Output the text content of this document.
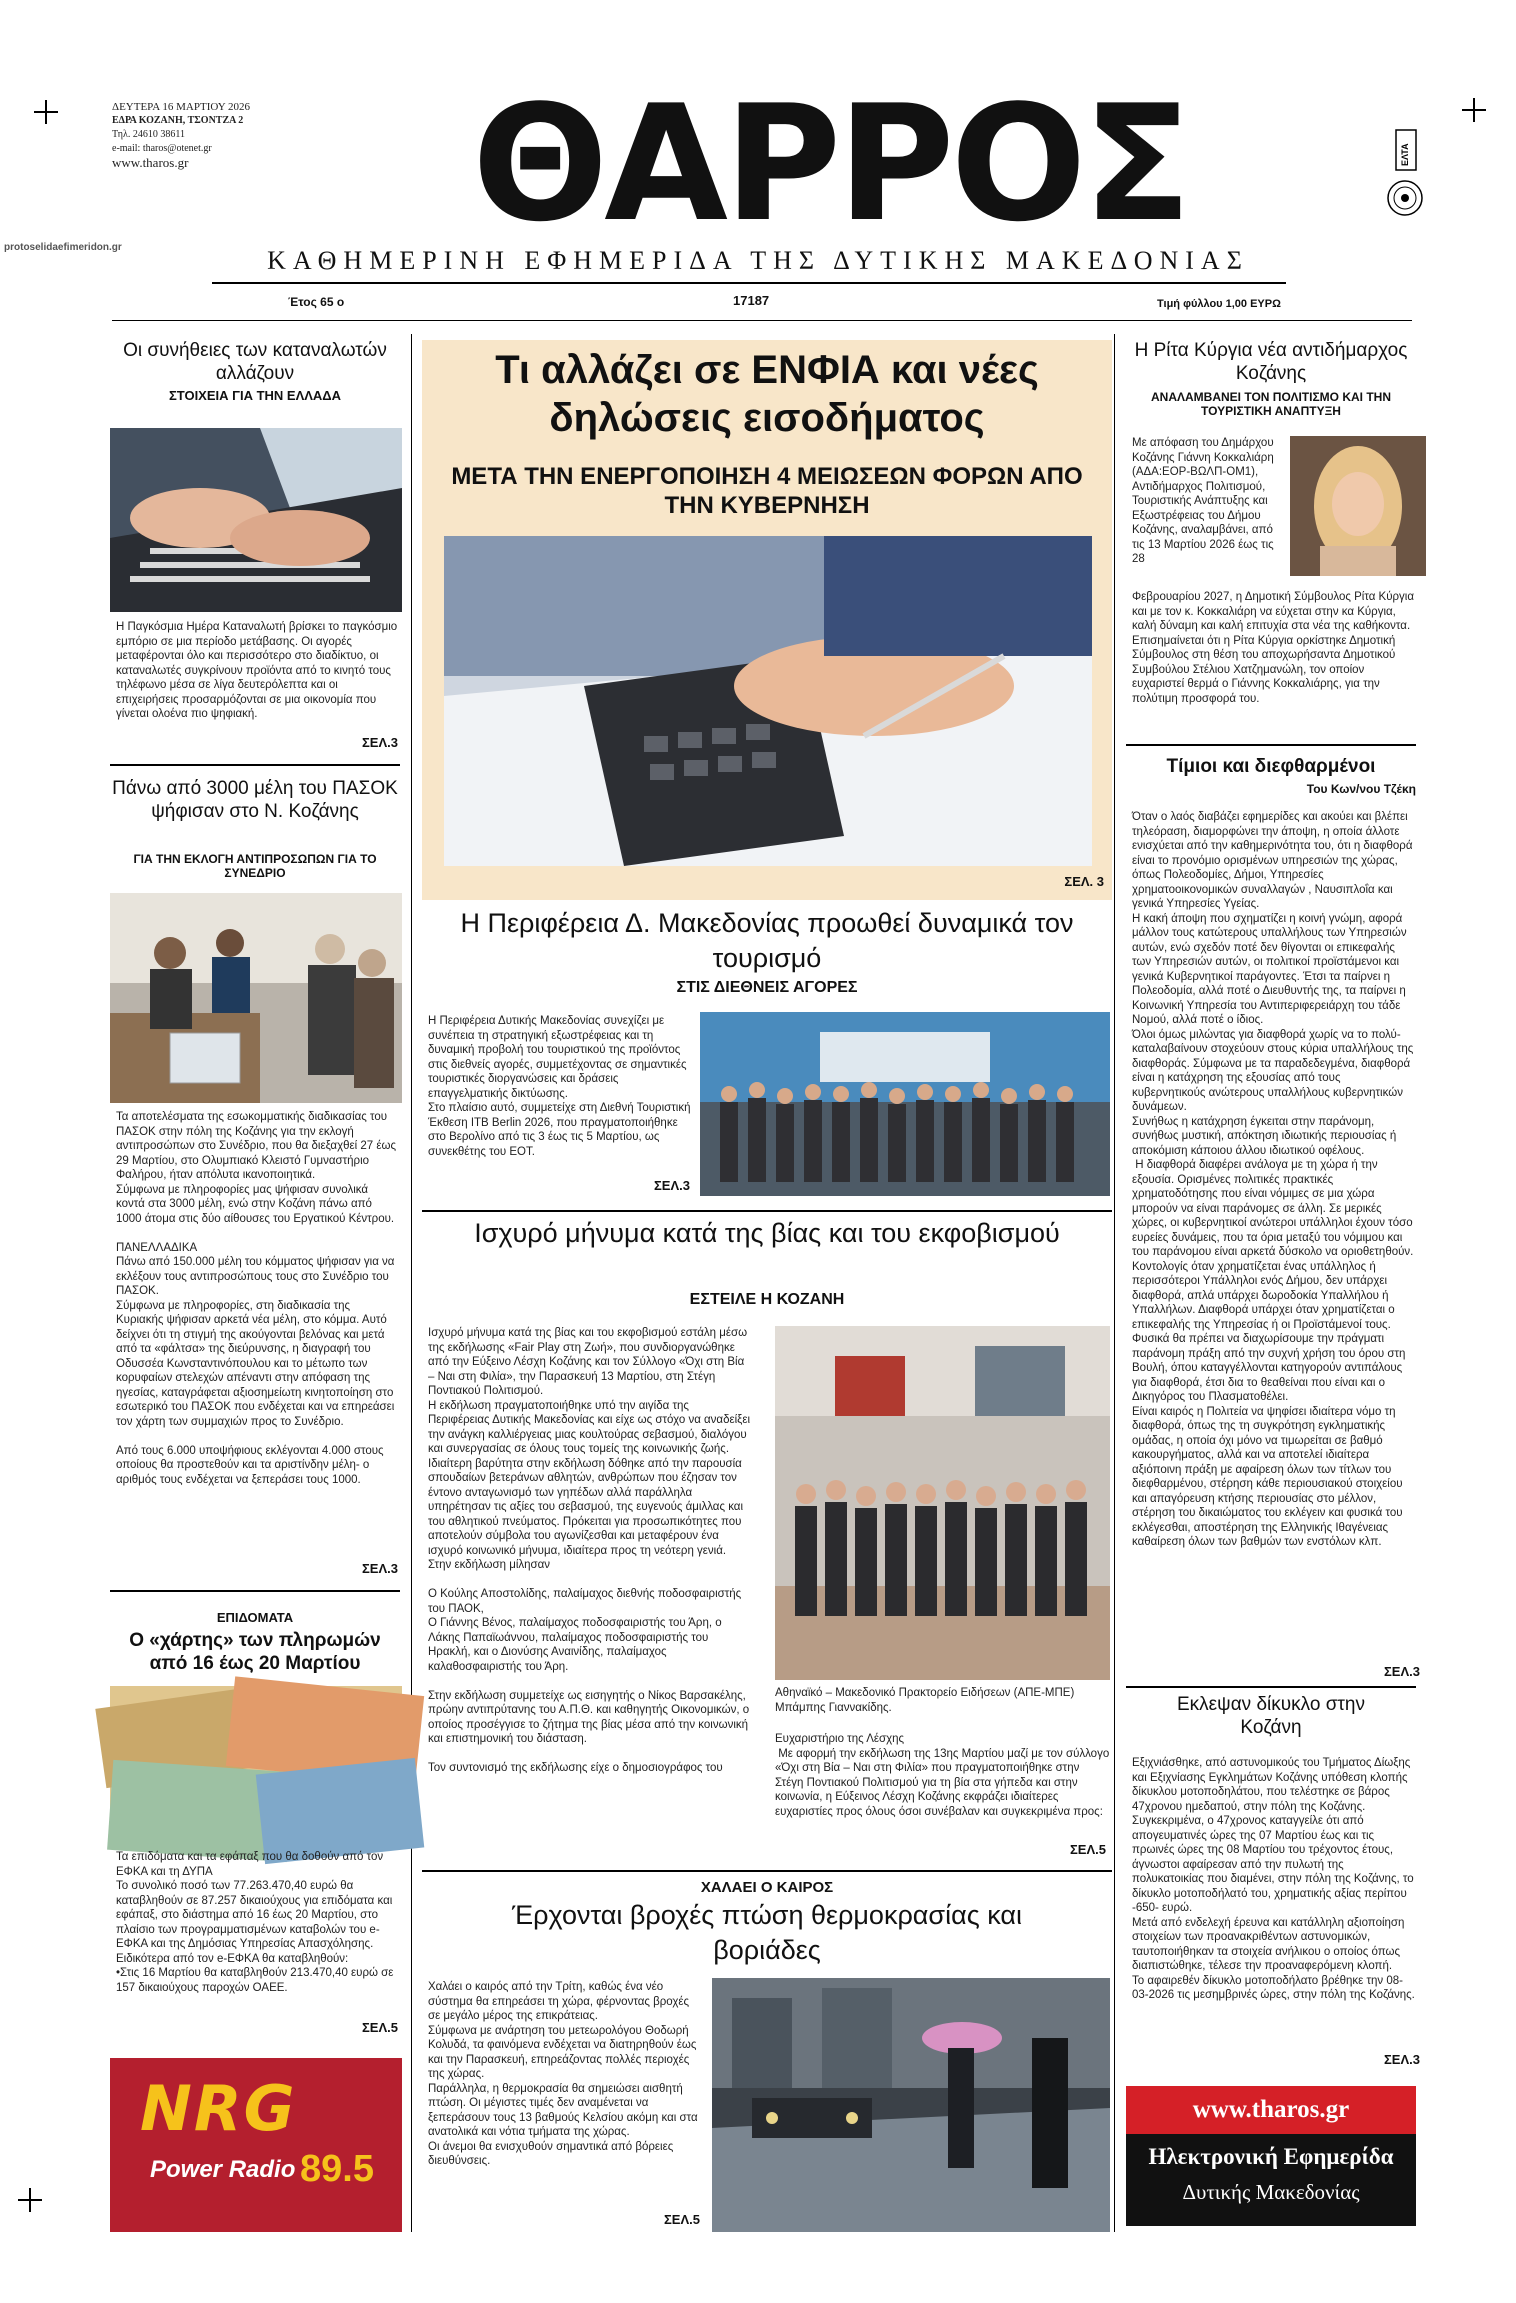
ΔΕΥΤΕΡΑ 16 ΜΑΡΤΙΟΥ 2026
ΕΔΡΑ ΚΟΖΑΝΗ, ΤΣΟΝΤΖΑ 2
Τηλ. 24610 38611
e-mail: tharos@otenet.gr
www.tharos.gr	ΘΑΡΡΟΣ	ΕΛΤΑ
ΚΑΘΗΜΕΡΙΝΗ ΕΦΗΜΕΡΙΔΑ ΤΗΣ ΔΥΤΙΚΗΣ ΜΑΚΕΔΟΝΙΑΣ
protoselidaefimeridon.gr
Έτος 65 ο	17187	Τιμή φύλλου 1,00 ΕΥΡΩ
Οι συνήθειες των καταναλωτών αλλάζουν
ΣΤΟΙΧΕΙΑ ΓΙΑ ΤΗΝ ΕΛΛΑΔΑ
Η Παγκόσμια Ημέρα Καταναλωτή βρίσκει το παγκόσμιο εμπόριο σε μια περίοδο μετάβασης. Οι αγορές μεταφέρονται όλο και περισσότερο στο διαδίκτυο, οι καταναλωτές συγκρίνουν προϊόντα από το κινητό τους τηλέφωνο μέσα σε λίγα δευτερόλεπτα και οι επιχειρήσεις προσαρμόζονται σε μια οικονομία που γίνεται ολοένα πιο ψηφιακή.
ΣΕΛ.3
Πάνω από 3000 μέλη του ΠΑΣΟΚ ψήφισαν στο Ν. Κοζάνης
ΓΙΑ ΤΗΝ ΕΚΛΟΓΗ ΑΝΤΙΠΡΟΣΩΠΩΝ ΓΙΑ ΤΟ ΣΥΝΕΔΡΙΟ
Τα αποτελέσματα της εσωκομματικής διαδικασίας του ΠΑΣΟΚ στην πόλη της Κοζάνης για την εκλογή αντιπροσώπων στο Συνέδριο, που θα διεξαχθεί 27 έως 29 Μαρτίου, στο Ολυμπιακό Κλειστό Γυμναστήριο Φαλήρου, ήταν απόλυτα ικανοποιητικά.
Σύμφωνα με πληροφορίες μας ψήφισαν συνολικά κοντά στα 3000 μέλη, ενώ στην Κοζάνη πάνω από 1000 άτομα στις δύο αίθουσες του Εργατικού Κέντρου.

ΠΑΝΕΛΛΑΔΙΚΑ
Πάνω από 150.000 μέλη του κόμματος ψήφισαν για να εκλέξουν τους αντιπροσώπους τους στο Συνέδριο του ΠΑΣΟΚ.
Σύμφωνα με πληροφορίες, στη διαδικασία της Κυριακής ψήφισαν αρκετά νέα μέλη, στο κόμμα. Αυτό δείχνει ότι τη στιγμή της ακούγονται βελόνας και μετά από τα «φάλτσα» της διεύρυνσης, η διαγραφή του Οδυσσέα Κωνσταντινόπουλου και το μέτωπο των κορυφαίων στελεχών απέναντι στην απόφαση της ηγεσίας, καταγράφεται αξιοσημείωτη κινητοποίηση στο εσωτερικό του ΠΑΣΟΚ που ενδέχεται και να επηρεάσει τον χάρτη των συμμαχιών προς το Συνέδριο.

Από τους 6.000 υποψήφιους εκλέγονται 4.000 στους οποίους θα προστεθούν και τα αριστίνδην μέλη- ο αριθμός τους ενδέχεται να ξεπεράσει τους 1000.
ΣΕΛ.3
ΕΠΙΔΟΜΑΤΑ
Ο «χάρτης» των πληρωμών από 16 έως 20 Μαρτίου
Τα επιδόματα και τα εφάπαξ που θα δοθούν από τον ΕΦΚΑ και τη ΔΥΠΑ
Το συνολικό ποσό των 77.263.470,40 ευρώ θα καταβληθούν σε 87.257 δικαιούχους για επιδόματα και εφάπαξ, στο διάστημα από 16 έως 20 Μαρτίου, στο πλαίσιο των προγραμματισμένων καταβολών του e-ΕΦΚΑ και της Δημόσιας Υπηρεσίας Απασχόλησης.
Ειδικότερα από τον e-ΕΦΚΑ θα καταβληθούν:
•Στις 16 Μαρτίου θα καταβληθούν 213.470,40 ευρώ σε 157 δικαιούχους παροχών ΟΑΕΕ.
ΣΕΛ.5
NRG
Power Radio 89.5
Τι αλλάζει σε ΕΝΦΙΑ και νέες δηλώσεις εισοδήματος
ΜΕΤΑ ΤΗΝ ΕΝΕΡΓΟΠΟΙΗΣΗ 4 ΜΕΙΩΣΕΩΝ ΦΟΡΩΝ ΑΠΟ ΤΗΝ ΚΥΒΕΡΝΗΣΗ
ΣΕΛ. 3
Η Περιφέρεια Δ. Μακεδονίας προωθεί δυναμικά τον τουρισμό
ΣΤΙΣ ΔΙΕΘΝΕΙΣ ΑΓΟΡΕΣ
Η Περιφέρεια Δυτικής Μακεδονίας συνεχίζει με συνέπεια τη στρατηγική εξωστρέφειας και τη δυναμική προβολή του τουριστικού της προϊόντος στις διεθνείς αγορές, συμμετέχοντας σε σημαντικές τουριστικές διοργανώσεις και δράσεις επαγγελματικής δικτύωσης.
Στο πλαίσιο αυτό, συμμετείχε στη Διεθνή Τουριστική Έκθεση ITB Berlin 2026, που πραγματοποιήθηκε στο Βερολίνο από τις 3 έως τις 5 Μαρτίου, ως συνεκθέτης του ΕΟΤ.
ΣΕΛ.3
Ισχυρό μήνυμα κατά της βίας και του εκφοβισμού
ΕΣΤΕΙΛΕ Η ΚΟΖΑΝΗ
Ισχυρό μήνυμα κατά της βίας και του εκφοβισμού εστάλη μέσω της εκδήλωσης «Fair Play στη Ζωή», που συνδιοργανώθηκε από την Εύξεινο Λέσχη Κοζάνης και τον Σύλλογο «Όχι στη Βία – Ναι στη Φιλία», την Παρασκευή 13 Μαρτίου, στη Στέγη Ποντιακού Πολιτισμού.
Η εκδήλωση πραγματοποιήθηκε υπό την αιγίδα της Περιφέρειας Δυτικής Μακεδονίας και είχε ως στόχο να αναδείξει την ανάγκη καλλιέργειας μιας κουλτούρας σεβασμού, διαλόγου και συνεργασίας σε όλους τους τομείς της κοινωνικής ζωής.
Ιδιαίτερη βαρύτητα στην εκδήλωση δόθηκε από την παρουσία σπουδαίων βετεράνων αθλητών, ανθρώπων που έζησαν τον έντονο ανταγωνισμό των γηπέδων αλλά παράλληλα υπηρέτησαν τις αξίες του σεβασμού, της ευγενούς άμιλλας και του αθλητικού πνεύματος. Πρόκειται για προσωπικότητες που αποτελούν σύμβολα του αγωνίζεσθαι και μεταφέρουν ένα ισχυρό κοινωνικό μήνυμα, ιδιαίτερα προς τη νεότερη γενιά.
Στην εκδήλωση μίλησαν

Ο Κούλης Αποστολίδης, παλαίμαχος διεθνής ποδοσφαιριστής του ΠΑΟΚ,
Ο Γιάννης Βένος, παλαίμαχος ποδοσφαιριστής του Άρη, ο Λάκης Παπαϊωάννου, παλαίμαχος ποδοσφαιριστής του Ηρακλή, και ο Διονύσης Αναινίδης, παλαίμαχος καλαθοσφαιριστής του Άρη.

Στην εκδήλωση συμμετείχε ως εισηγητής ο Νίκος Βαρσακέλης, πρώην αντιπρύτανης του Α.Π.Θ. και καθηγητής Οικονομικών, ο οποίος προσέγγισε το ζήτημα της βίας μέσα από την κοινωνική και επιστημονική του διάσταση.

Τον συντονισμό της εκδήλωσης είχε ο δημοσιογράφος του
Αθηναϊκό – Μακεδονικό Πρακτορείο Ειδήσεων (ΑΠΕ-ΜΠΕ) Μπάμπης Γιαννακίδης.
Ευχαριστήριο της Λέσχης
Με αφορμή την εκδήλωση της 13ης Μαρτίου μαζί με τον σύλλογο «Όχι στη Βία – Ναι στη Φιλία» που πραγματοποιήθηκε στην Στέγη Ποντιακού Πολιτισμού για τη βία στα γήπεδα και στην κοινωνία, η Εύξεινος Λέσχη Κοζάνης εκφράζει ιδιαίτερες ευχαριστίες προς όλους όσοι συνέβαλαν και συγκεκριμένα προς:
ΣΕΛ.5
ΧΑΛΑΕΙ Ο ΚΑΙΡΟΣ
Έρχονται βροχές πτώση θερμοκρασίας και βοριάδες
Χαλάει ο καιρός από την Τρίτη, καθώς ένα νέο σύστημα θα επηρεάσει τη χώρα, φέρνοντας βροχές σε μεγάλο μέρος της επικράτειας.
Σύμφωνα με ανάρτηση του μετεωρολόγου Θοδωρή Κολυδά, τα φαινόμενα ενδέχεται να διατηρηθούν έως και την Παρασκευή, επηρεάζοντας πολλές περιοχές της χώρας.
Παράλληλα, η θερμοκρασία θα σημειώσει αισθητή πτώση. Οι μέγιστες τιμές δεν αναμένεται να ξεπεράσουν τους 13 βαθμούς Κελσίου ακόμη και στα ανατολικά και νότια τμήματα της χώρας.
Οι άνεμοι θα ενισχυθούν σημαντικά από βόρειες διευθύνσεις.
ΣΕΛ.5
Η Ρίτα Κύργια νέα αντιδήμαρχος Κοζάνης
ΑΝΑΛΑΜΒΑΝΕΙ ΤΟΝ ΠΟΛΙΤΙΣΜΟ ΚΑΙ ΤΗΝ ΤΟΥΡΙΣΤΙΚΗ ΑΝΑΠΤΥΞΗ
Με απόφαση του Δημάρχου Κοζάνης Γιάννη Κοκκαλιάρη (ΑΔΑ:ΕΟΡ-ΒΩΛΠ-ΟΜ1), Αντιδήμαρχος Πολιτισμού, Τουριστικής Ανάπτυξης και Εξωστρέφειας του Δήμου Κοζάνης, αναλαμβάνει, από τις 13 Μαρτίου 2026 έως τις 28
Φεβρουαρίου 2027, η Δημοτική Σύμβουλος Ρίτα Κύργια και με τον κ. Κοκκαλιάρη να εύχεται στην κα Κύργια, καλή δύναμη και καλή επιτυχία στα νέα της καθήκοντα. Επισημαίνεται ότι η Ρίτα Κύργια ορκίστηκε Δημοτική Σύμβουλος στη θέση του αποχωρήσαντα Δημοτικού Συμβούλου Στέλιου Χατζημανώλη, τον οποίον ευχαριστεί θερμά ο Γιάννης Κοκκαλιάρης, για την πολύτιμη προσφορά του.
Τίμιοι και διεφθαρμένοι
Του Κων/νου Τζέκη
Όταν ο λαός διαβάζει εφημερίδες και ακούει και βλέπει τηλεόραση, διαμορφώνει την άποψη, η οποία άλλοτε ενισχύεται από την καθημερινότητα του, ότι η διαφθορά είναι το προνόμιο ορισμένων υπηρεσιών της χώρας, όπως Πολεοδομίες, Δήμοι, Υπηρεσίες χρηματοοικονομικών συναλλαγών , Ναυσιπλοΐα και γενικά Υπηρεσίες Υγείας.
Η κακή άποψη που σχηματίζει η κοινή γνώμη, αφορά μάλλον τους κατώτερους υπαλλήλους των Υπηρεσιών αυτών, ενώ σχεδόν ποτέ δεν θίγονται οι επικεφαλής των Υπηρεσιών αυτών, οι πολιτικοί προϊστάμενοι και γενικά Κυβερνητικοί παράγοντες. Έτσι τα παίρνει η Πολεοδομία, αλλά ποτέ ο Διευθυντής της, τα παίρνει η Κοινωνική Υπηρεσία του Αντιπεριφερειάρχη του τάδε Νομού, αλλά ποτέ ο ίδιος.
Όλοι όμως μιλώντας για διαφθορά χωρίς να το πολύ-καταλαβαίνουν στοχεύουν στους κύρια υπαλλήλους της διαφθοράς. Σύμφωνα με τα παραδεδεγμένα, διαφθορά είναι η κατάχρηση της εξουσίας από τους κυβερνητικούς ανώτερους υπαλλήλους κυβερνητικών δυνάμεων.
Συνήθως η κατάχρηση έγκειται στην παράνομη, συνήθως μυστική, απόκτηση ιδιωτικής περιουσίας ή αποκόμιση κάποιου άλλου ιδιωτικού οφέλους.
Η διαφθορά διαφέρει ανάλογα με τη χώρα ή την εξουσία. Ορισμένες πολιτικές πρακτικές χρηματοδότησης που είναι νόμιμες σε μια χώρα μπορούν να είναι παράνομες σε άλλη. Σε μερικές χώρες, οι κυβερνητικοί ανώτεροι υπάλληλοι έχουν τόσο ευρείες δυνάμεις, που τα όρια μεταξύ του νόμιμου και του παράνομου είναι αρκετά δύσκολο να οριοθετηθούν.
Κοντολογίς όταν χρηματίζεται ένας υπάλληλος ή περισσότεροι Υπάλληλοι ενός Δήμου, δεν υπάρχει διαφθορά, απλά υπάρχει δωροδοκία Υπαλλήλου ή Υπαλλήλων. Διαφθορά υπάρχει όταν χρηματίζεται ο επικεφαλής της Υπηρεσίας ή οι Προϊστάμενοί τους.
Φυσικά θα πρέπει να διαχωρίσουμε την πράγματι παράνομη πράξη από την συχνή χρήση του όρου στη Βουλή, όπου καταγγέλλονται κατηγορούν αντιπάλους για διαφθορά, έτσι δια το θεαθείναι που είναι και ο Δικηγόρος του Πλασματοθέλει.
Είναι καιρός η Πολιτεία να ψηφίσει ιδιαίτερα νόμο τη διαφθορά, όπως της τη συγκρότηση εγκληματικής ομάδας, η οποία όχι μόνο να τιμωρείται σε βαθμό κακουργήματος, αλλά και να αποτελεί ιδιαίτερα αξιόποινη πράξη με αφαίρεση όλων των τίτλων του διεφθαρμένου, στέρηση κάθε περιουσιακού στοιχείου και απαγόρευση κτήσης περιουσίας στο μέλλον, στέρηση του δικαιώματος του εκλέγειν και φυσικά του εκλέγεσθαι, αποστέρηση της Ελληνικής Ιθαγένειας καθαίρεση όλων των βαθμών των ενστόλων κλπ.
ΣΕΛ.3
Εκλεψαν δίκυκλο στην Κοζάνη
Εξιχνιάσθηκε, από αστυνομικούς του Τμήματος Δίωξης και Εξιχνίασης Εγκλημάτων Κοζάνης υπόθεση κλοπής δίκυκλου μοτοποδηλάτου, που τελέστηκε σε βάρος 47χρονου ημεδαπού, στην πόλη της Κοζάνης.
Συγκεκριμένα, ο 47χρονος καταγγείλε ότι από απογευματινές ώρες της 07 Μαρτίου έως και τις πρωινές ώρες της 08 Μαρτίου του τρέχοντος έτους, άγνωστοι αφαίρεσαν από την πυλωτή της πολυκατοικίας που διαμένει, στην πόλη της Κοζάνης, το δίκυκλο μοτοποδήλατό του, χρηματικής αξίας περίπου -650- ευρώ.
Μετά από ενδελεχή έρευνα και κατάλληλη αξιοποίηση στοιχείων των προανακριθέντων αστυνομικών, ταυτοποιήθηκαν τα στοιχεία ανήλικου ο οποίος όπως διαπιστώθηκε, τέλεσε την προαναφερόμενη κλοπή.
Το αφαιρεθέν δίκυκλο μοτοποδήλατο βρέθηκε την 08-03-2026 τις μεσημβρινές ώρες, στην πόλη της Κοζάνης.
ΣΕΛ.3
www.tharos.gr
Ηλεκτρονική Εφημερίδα
Δυτικής Μακεδονίας
